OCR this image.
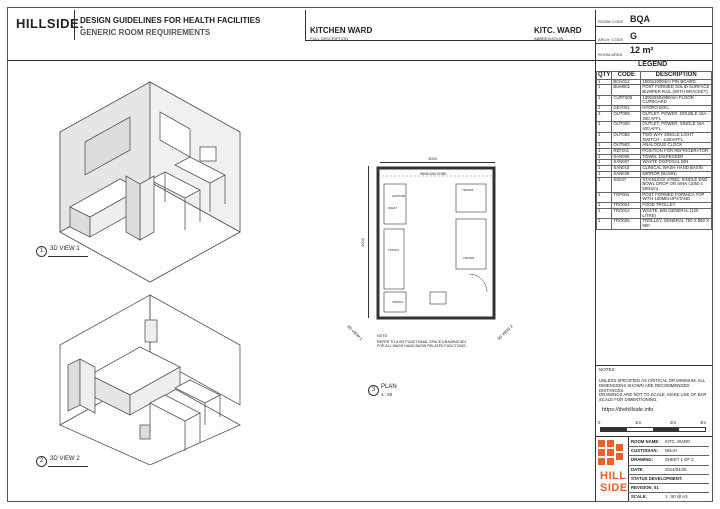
HILLSIDE:
DESIGN GUIDELINES FOR HEALTH FACILITIES
GENERIC ROOM REQUIREMENTS	KITCHEN WARD
FULL DESCRIPTION
KITC. WARD
ABBREVIATION
ROOM CODE BQA
ARCH. CODE G
ROOM AREA 12 m²
1	3D VIEW 1
2	3D VIEW 2
3000
4000
WINDOW ZONE
CUPF005
SS047
TRO025
TRO004
TOP001
TRO012
3D VIEW 1	3D VIEW 2
NOTE:
REFER TO IUSS FUNCTIONAL SPACE DRAWING 801 FOR ALL WASH HAND BASIN RELATED FUNCTIONS.
3 PLAN
1 : 50
LEGEND
QTY	CODE	DESCRIPTION
1	BOA012	1500x1000mm PIN BOARD
1	BUM001	POST FORMED SOLID SURFACE BUMPER RAIL (WITH BRACKET)
1	CUPF005	1000x550x880mm FLOOR CUPBOARD
1	GEY001	HYDRO BOIL
3	OUT009	OUTLET, POWER, DOUBLE 16A - 400 AFFL
1	OUT030	OUTLET, POWER, SINGLE 16A 400 AFFL
1	OUT058	TWO WAY SINGLE LIGHT SWITCH - 1400AFFL
1	OUT583	ANALOGUE CLOCK
1	REF001	POSITION FOR REFRIGERATOR
1	SAN006	TOWEL DISPENSER
1	SAN007	WASTE DISPOSAL BIN
1	SAN015	CLINICAL WASH HAND BASIN
1	SAN036	MIRROR (BASIN)
1	SS047	STAINLESS STEEL SINGLE END BOWL DROP ON SINK (1050 x 500mm)
1	TOP001	POST FORMED FORMICA TOP WITH 100MM UPSTAND
1	TRO004	FOOD TROLLEY
1	TRO012	WASTE, BIN GENERAL (120 LITRE)
1	TRO025	TROLLEY, GENERAL 750 X 550 X 900
NOTES:
UNLESS SPECIFIED AS CRITICAL OR MINIMUM, ALL DIMENSIONS SHOWN ARE RECOMMENDED DISTANCES.
DRAWINGS ARE NOT TO SCALE, MAKE USE OF BAR SCALE FOR DIMENTIONING.
https://thehillside.info
0	1m	2m	3m
HILL
SIDE
ROOM NAME: KITC. WARD
CUSTODIAN: NDoH
DRAWING:	SHEET 1 OF 2
DATE:	2014/04/25
STATUS DEVELOPMENT:
REVISION_01
SCALE:	1 : 50 @ A3
